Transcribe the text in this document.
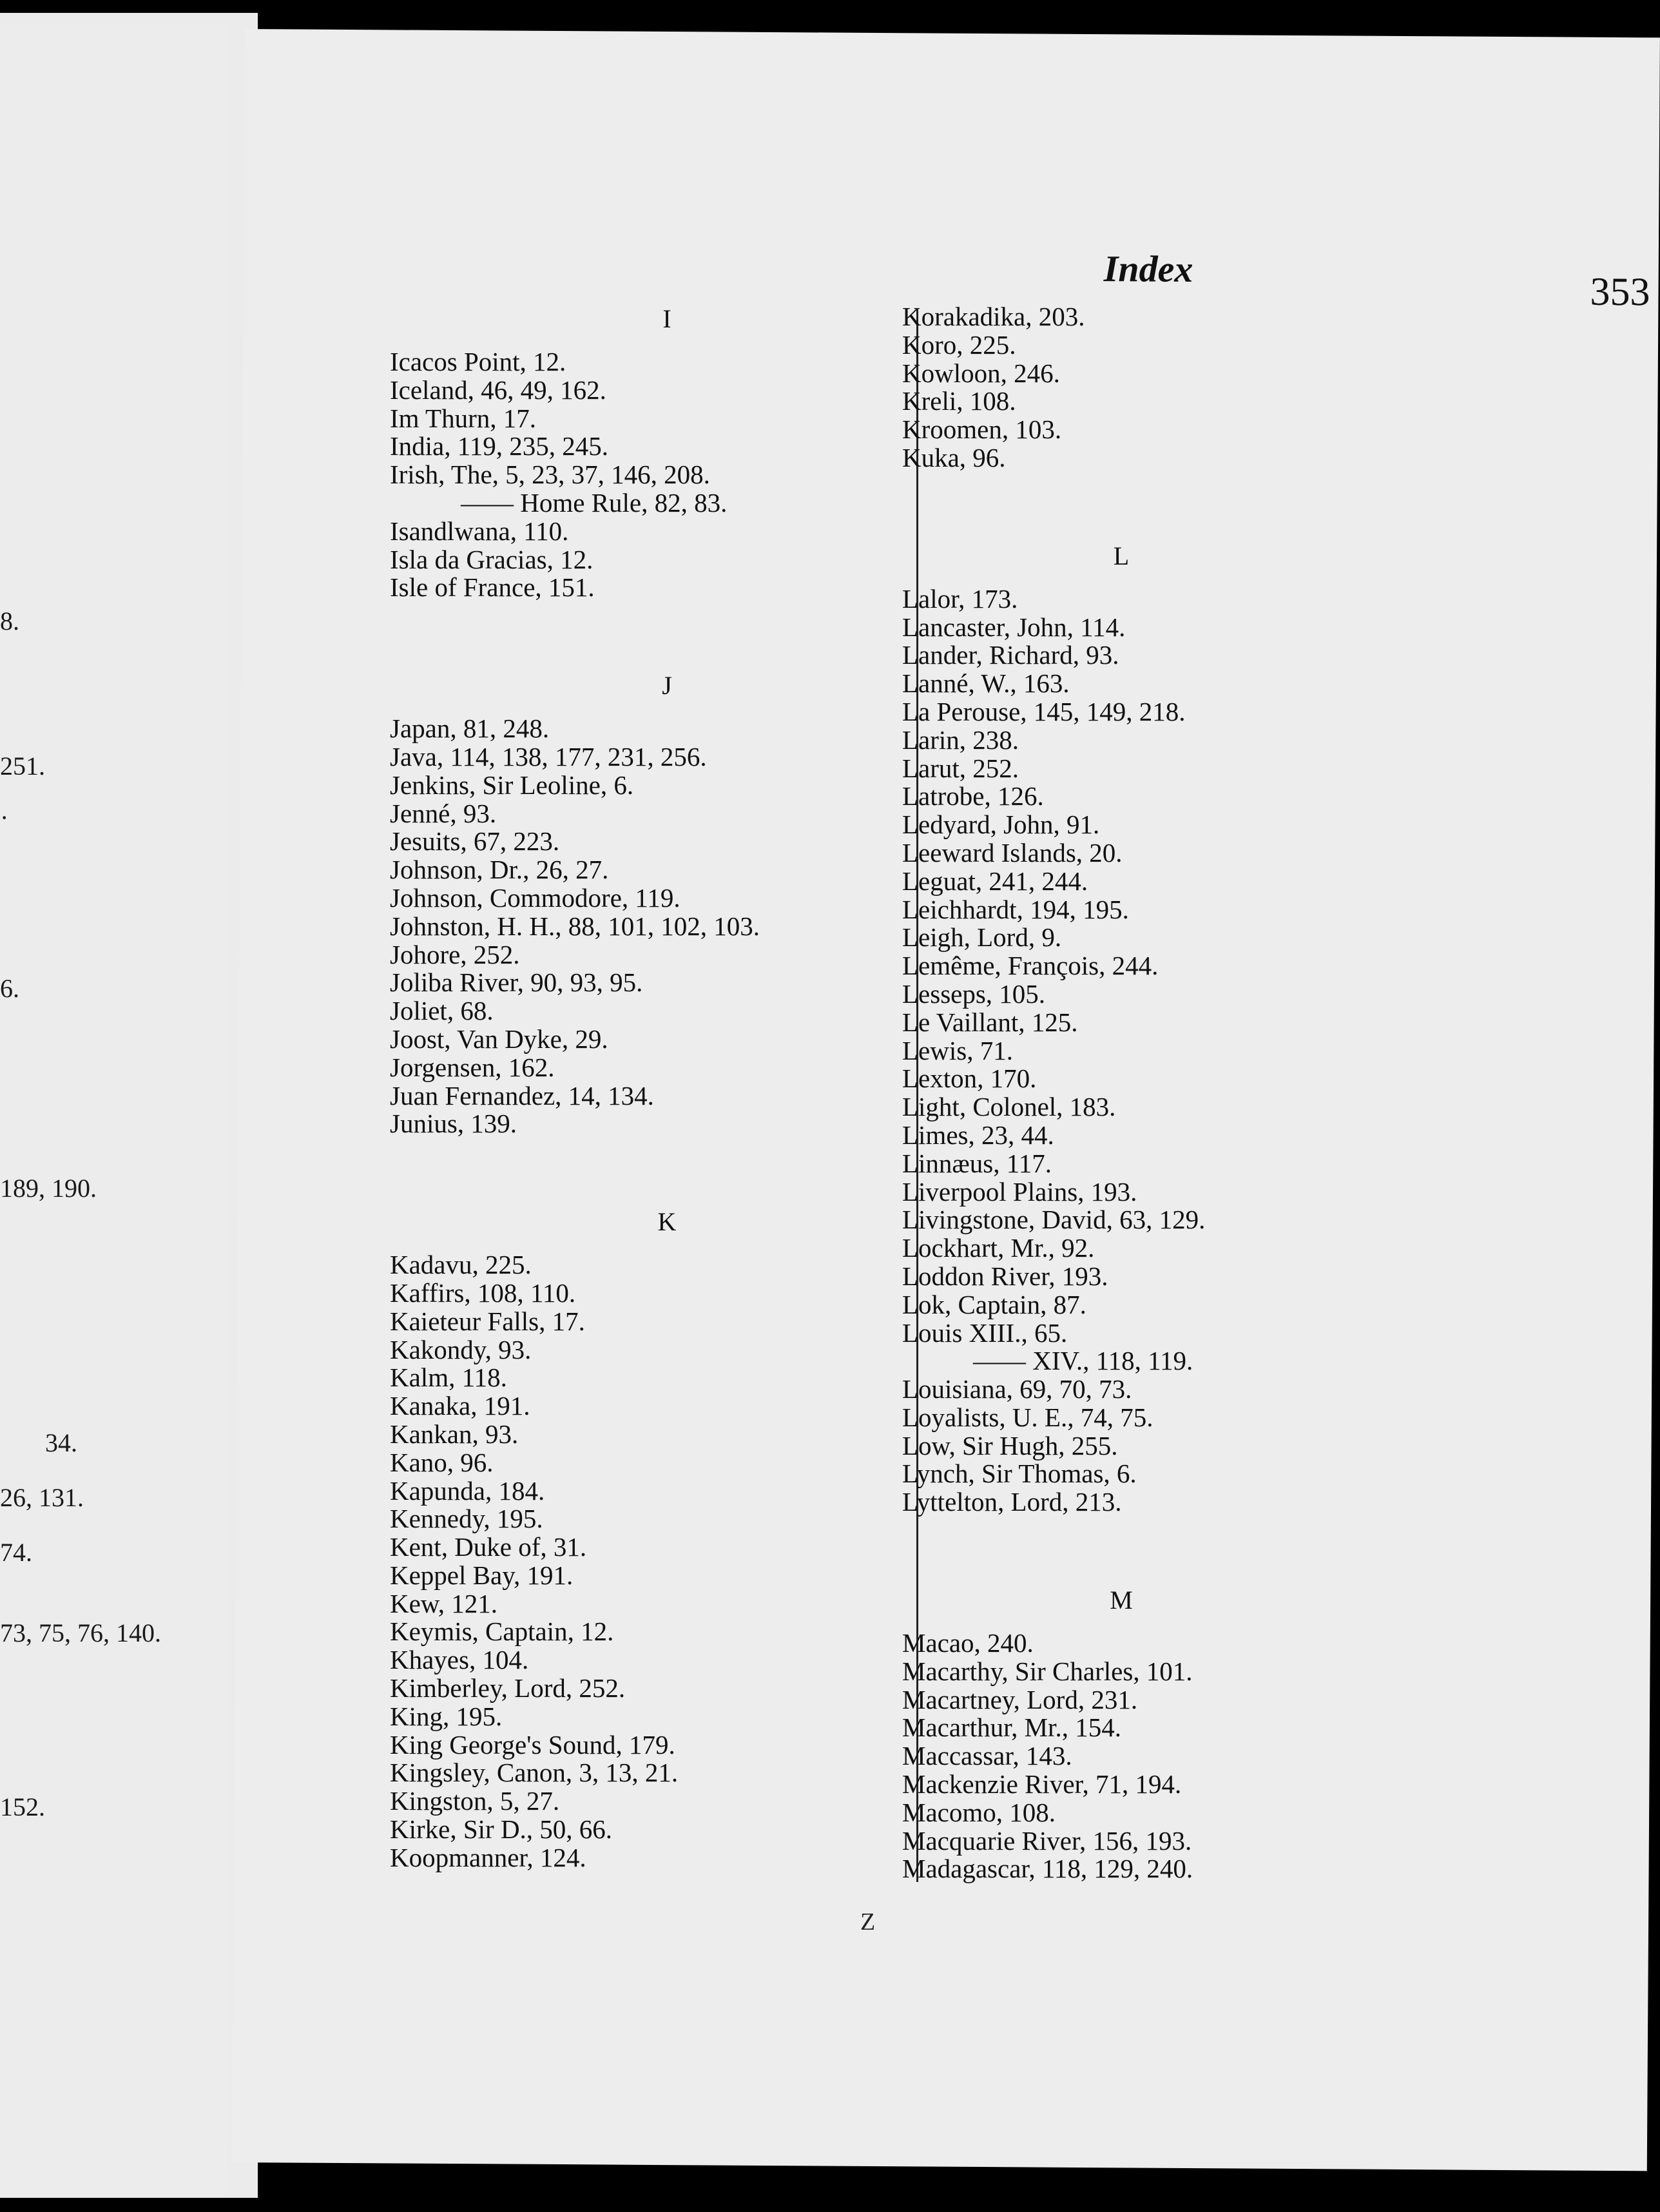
8.
251.
·
6.
189, 190.
34.
26, 131.
74.
73, 75, 76, 140.
152.
Index
353
I
Icacos Point, 12.
Iceland, 46, 49, 162.
Im Thurn, 17.
India, 119, 235, 245.
Irish, The, 5, 23, 37, 146, 208.
—— Home Rule, 82, 83.
Isandlwana, 110.
Isla da Gracias, 12.
Isle of France, 151.
J
Japan, 81, 248.
Java, 114, 138, 177, 231, 256.
Jenkins, Sir Leoline, 6.
Jenné, 93.
Jesuits, 67, 223.
Johnson, Dr., 26, 27.
Johnson, Commodore, 119.
Johnston, H. H., 88, 101, 102, 103.
Johore, 252.
Joliba River, 90, 93, 95.
Joliet, 68.
Joost, Van Dyke, 29.
Jorgensen, 162.
Juan Fernandez, 14, 134.
Junius, 139.
K
Kadavu, 225.
Kaffirs, 108, 110.
Kaieteur Falls, 17.
Kakondy, 93.
Kalm, 118.
Kanaka, 191.
Kankan, 93.
Kano, 96.
Kapunda, 184.
Kennedy, 195.
Kent, Duke of, 31.
Keppel Bay, 191.
Kew, 121.
Keymis, Captain, 12.
Khayes, 104.
Kimberley, Lord, 252.
King, 195.
King George's Sound, 179.
Kingsley, Canon, 3, 13, 21.
Kingston, 5, 27.
Kirke, Sir D., 50, 66.
Koopmanner, 124.
Korakadika, 203.
Koro, 225.
Kowloon, 246.
Kreli, 108.
Kroomen, 103.
Kuka, 96.
L
Lalor, 173.
Lancaster, John, 114.
Lander, Richard, 93.
Lanné, W., 163.
La Perouse, 145, 149, 218.
Larin, 238.
Larut, 252.
Latrobe, 126.
Ledyard, John, 91.
Leeward Islands, 20.
Leguat, 241, 244.
Leichhardt, 194, 195.
Leigh, Lord, 9.
Lemême, François, 244.
Lesseps, 105.
Le Vaillant, 125.
Lewis, 71.
Lexton, 170.
Light, Colonel, 183.
Limes, 23, 44.
Linnæus, 117.
Liverpool Plains, 193.
Livingstone, David, 63, 129.
Lockhart, Mr., 92.
Loddon River, 193.
Lok, Captain, 87.
Louis XIII., 65.
—— XIV., 118, 119.
Louisiana, 69, 70, 73.
Loyalists, U. E., 74, 75.
Low, Sir Hugh, 255.
Lynch, Sir Thomas, 6.
Lyttelton, Lord, 213.
M
Macao, 240.
Macarthy, Sir Charles, 101.
Macartney, Lord, 231.
Macarthur, Mr., 154.
Maccassar, 143.
Mackenzie River, 71, 194.
Macomo, 108.
Macquarie River, 156, 193.
Madagascar, 118, 129, 240.
Z
